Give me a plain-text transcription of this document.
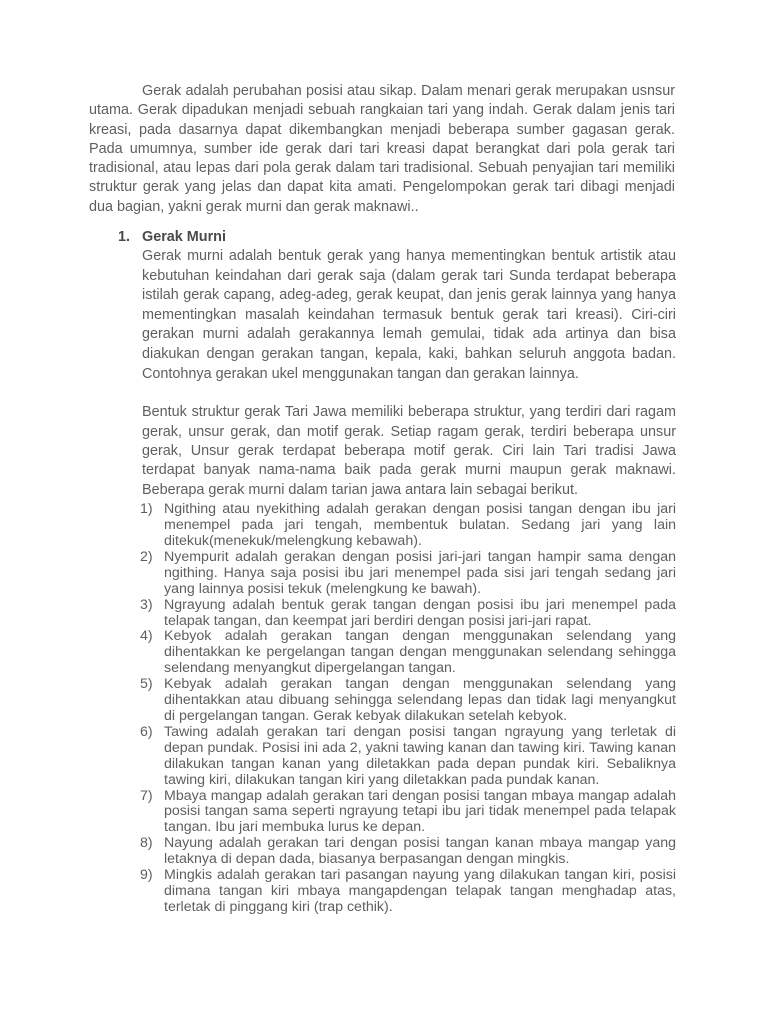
Gerak adalah perubahan posisi atau sikap. Dalam menari gerak merupakan usnsur utama. Gerak dipadukan menjadi sebuah rangkaian tari yang indah. Gerak dalam jenis tari kreasi, pada dasarnya dapat dikembangkan menjadi beberapa sumber gagasan gerak. Pada umumnya, sumber ide gerak dari tari kreasi dapat berangkat dari pola gerak tari tradisional, atau lepas dari pola gerak dalam tari tradisional. Sebuah penyajian tari memiliki struktur gerak yang jelas dan dapat kita amati. Pengelompokan gerak tari dibagi menjadi dua bagian, yakni gerak murni dan gerak maknawi..

1. Gerak Murni

Gerak murni adalah bentuk gerak yang hanya mementingkan bentuk artistik atau kebutuhan keindahan dari gerak saja (dalam gerak tari Sunda terdapat beberapa istilah gerak capang, adeg-adeg, gerak keupat, dan jenis gerak lainnya yang hanya mementingkan masalah keindahan termasuk bentuk gerak tari kreasi). Ciri-ciri gerakan murni adalah gerakannya lemah gemulai, tidak ada artinya dan bisa diakukan dengan gerakan tangan, kepala, kaki, bahkan seluruh anggota badan. Contohnya gerakan ukel menggunakan tangan dan gerakan lainnya.

Bentuk struktur gerak Tari Jawa memiliki beberapa struktur, yang terdiri dari ragam gerak, unsur gerak, dan motif gerak. Setiap ragam gerak, terdiri beberapa unsur gerak, Unsur gerak terdapat beberapa motif gerak. Ciri lain Tari tradisi Jawa terdapat banyak nama-nama baik pada gerak murni maupun gerak maknawi. Beberapa gerak murni dalam tarian jawa antara lain sebagai berikut.

1) Ngithing atau nyekithing adalah gerakan dengan posisi tangan dengan ibu jari menempel pada jari tengah, membentuk bulatan. Sedang jari yang lain ditekuk(menekuk/melengkung kebawah).
2) Nyempurit adalah gerakan dengan posisi jari-jari tangan hampir sama dengan ngithing. Hanya saja posisi ibu jari menempel pada sisi jari tengah sedang jari yang lainnya posisi tekuk (melengkung ke bawah).
3) Ngrayung adalah bentuk gerak tangan dengan posisi ibu jari menempel pada telapak tangan, dan keempat jari berdiri dengan posisi jari-jari rapat.
4) Kebyok adalah gerakan tangan dengan menggunakan selendang yang dihentakkan ke pergelangan tangan dengan menggunakan selendang sehingga selendang menyangkut dipergelangan tangan.
5) Kebyak adalah gerakan tangan dengan menggunakan selendang yang dihentakkan atau dibuang sehingga selendang lepas dan tidak lagi menyangkut di pergelangan tangan. Gerak kebyak dilakukan setelah kebyok.
6) Tawing adalah gerakan tari dengan posisi tangan ngrayung yang terletak di depan pundak. Posisi ini ada 2, yakni tawing kanan dan tawing kiri. Tawing kanan dilakukan tangan kanan yang diletakkan pada depan pundak kiri. Sebaliknya tawing kiri, dilakukan tangan kiri yang diletakkan pada pundak kanan.
7) Mbaya mangap adalah gerakan tari dengan posisi tangan mbaya mangap adalah posisi tangan sama seperti ngrayung tetapi ibu jari tidak menempel pada telapak tangan. Ibu jari membuka lurus ke depan.
8) Nayung adalah gerakan tari dengan posisi tangan kanan mbaya mangap yang letaknya di depan dada, biasanya berpasangan dengan mingkis.
9) Mingkis adalah gerakan tari pasangan nayung yang dilakukan tangan kiri, posisi dimana tangan kiri mbaya mangapdengan telapak tangan menghadap atas, terletak di pinggang kiri (trap cethik).
